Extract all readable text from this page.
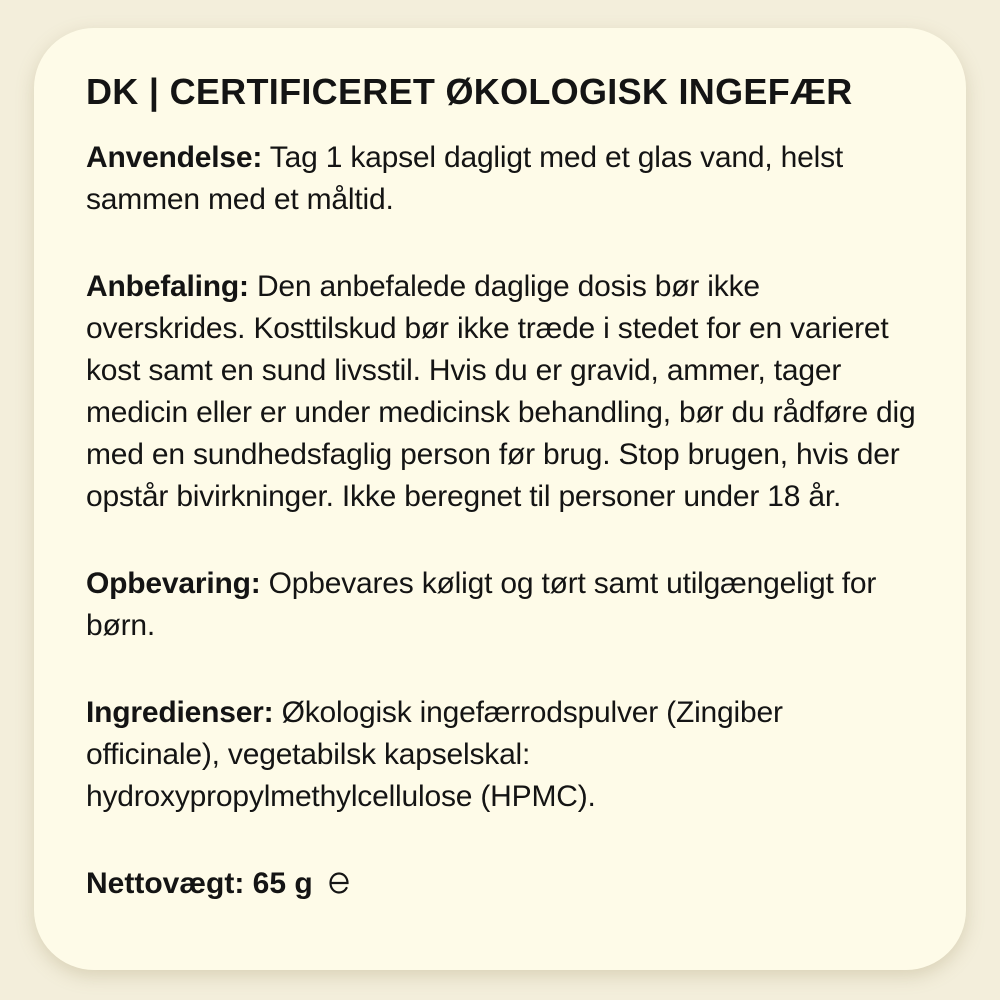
DK | CERTIFICERET ØKOLOGISK INGEFÆR

Anvendelse: Tag 1 kapsel dagligt med et glas vand, helst sammen med et måltid.

Anbefaling: Den anbefalede daglige dosis bør ikke overskrides. Kosttilskud bør ikke træde i stedet for en varieret kost samt en sund livsstil. Hvis du er gravid, ammer, tager medicin eller er under medicinsk behandling, bør du rådføre dig med en sundhedsfaglig person før brug. Stop brugen, hvis der opstår bivirkninger. Ikke beregnet til personer under 18 år.

Opbevaring: Opbevares køligt og tørt samt utilgængeligt for børn.

Ingredienser: Økologisk ingefærrodspulver (Zingiber officinale), vegetabilsk kapselskal: hydroxypropylmethylcellulose (HPMC).

Nettovægt: 65 g
